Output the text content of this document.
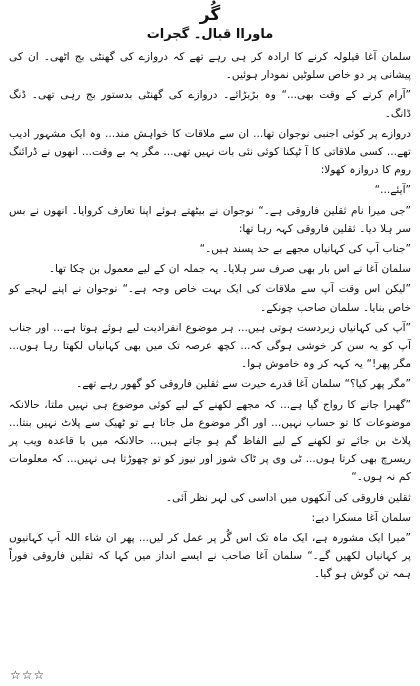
گُر
ماوراا قبال۔ گجرات

سلمان آغا قیلولہ کرنے کا ارادہ کر ہی رہے تھے کہ دروازے کی گھنٹی بج اٹھی۔ ان کی پیشانی پر دو خاص سلوٹیں نمودار ہوئیں۔

”آرام کرنے کے وقت بھی...“ وہ بڑبڑائے۔ دروازے کی گھنٹی بدستور بج رہی تھی۔ ڈنگ ڈانگ۔

دروازے پر کوئی اجنبی نوجوان تھا... ان سے ملاقات کا خواہش مند... وہ ایک مشہور ادیب تھے... کسی ملاقاتی کا آ ٹپکنا کوئی نئی بات نہیں تھی... مگر یہ بے وقت... انھوں نے ڈرائنگ روم کا دروازہ کھولا:

”آیئے...“

”جی میرا نام ثقلین فاروقی ہے۔“ نوجوان نے بیٹھتے ہوئے اپنا تعارف کروایا۔ انھوں نے بس سر ہلا دیا۔ ثقلین فاروقی کہہ رہا تھا:

”جناب آپ کی کہانیاں مجھے بے حد پسند ہیں۔“

سلمان آغا نے اس بار بھی صرف سر ہلایا۔ یہ جملہ ان کے لیے معمول بن چکا تھا۔

”لیکن اس وقت آپ سے ملاقات کی ایک بہت خاص وجہ ہے۔“ نوجوان نے اپنے لہجے کو خاص بنایا۔ سلمان صاحب چونکے۔

”آپ کی کہانیاں زبردست ہوتی ہیں... ہر موضوع انفرادیت لیے ہوئے ہوتا ہے... اور جناب آپ کو یہ سن کر خوشی ہوگی کہ... کچھ عرصہ تک میں بھی کہانیاں لکھتا رہا ہوں... مگر پھر!“ یہ کہہ کر وہ خاموش ہوا۔

”مگر پھر کیا؟“ سلمان آغا قدرے حیرت سے ثقلین فاروقی کو گھور رہے تھے۔

”گھبرا جانے کا رواج گیا ہے... کہ مجھے لکھنے کے لیے کوئی موضوع ہی نہیں ملتا، حالانکہ موضوعات کا تو حساب نہیں... اور اگر موضوع مل جاتا ہے تو ٹھیک سے پلاٹ نہیں بنتا... پلاٹ بن جائے تو لکھنے کے لیے الفاظ گم ہو جاتے ہیں... حالانکہ میں با قاعدہ ویب پر ریسرچ بھی کرتا ہوں... ٹی وی پر ٹاک شوز اور نیوز کو تو چھوڑتا ہی نہیں... کہ معلومات کم نہ ہوں۔“

ثقلین فاروقی کی آنکھوں میں اداسی کی لہر نظر آئی۔

سلمان آغا مسکرا دیے:

”میرا ایک مشورہ ہے، ایک ماہ تک اس گُر پر عمل کر لیں... پھر ان شاء اللہ آپ کہانیوں پر کہانیاں لکھیں گے۔“ سلمان آغا صاحب نے ایسے انداز میں کہا کہ ثقلین فاروقی فوراً ہمہ تن گوش ہو گیا۔

☆☆☆
